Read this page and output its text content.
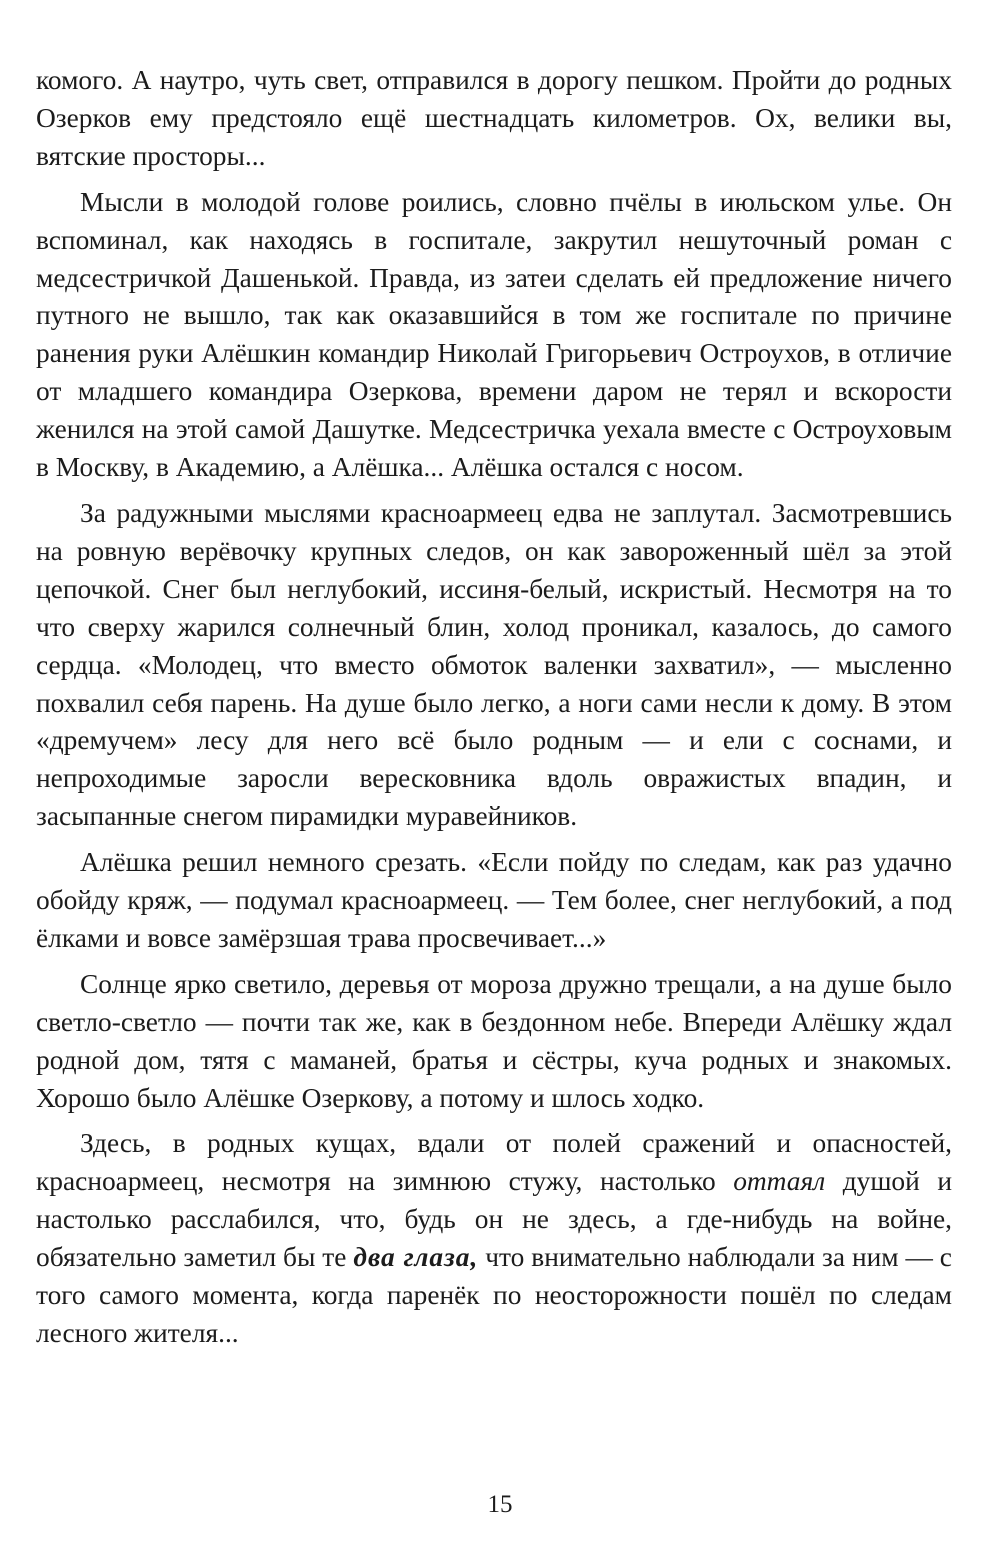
комого. А наутро, чуть свет, отправился в дорогу пешком. Пройти до родных Озерков ему предстояло ещё шестнадцать километров. Ох, велики вы, вятские просторы...

Мысли в молодой голове роились, словно пчёлы в июльском улье. Он вспоминал, как находясь в госпитале, закрутил нешуточный роман с медсестричкой Дашенькой. Правда, из затеи сделать ей предложение ничего путного не вышло, так как оказавшийся в том же госпитале по причине ранения руки Алёшкин командир Николай Григорьевич Остроухов, в отличие от младшего командира Озеркова, времени даром не терял и вскорости женился на этой самой Дашутке. Медсестричка уехала вместе с Остроуховым в Москву, в Академию, а Алёшка... Алёшка остался с носом.

За радужными мыслями красноармеец едва не заплутал. Засмотревшись на ровную верёвочку крупных следов, он как завороженный шёл за этой цепочкой. Снег был неглубокий, иссиня-белый, искристый. Несмотря на то что сверху жарился солнечный блин, холод проникал, казалось, до самого сердца. «Молодец, что вместо обмоток валенки захватил», — мысленно похвалил себя парень. На душе было легко, а ноги сами несли к дому. В этом «дремучем» лесу для него всё было родным — и ели с соснами, и непроходимые заросли вересковника вдоль овражистых впадин, и засыпанные снегом пирамидки муравейников.

Алёшка решил немного срезать. «Если пойду по следам, как раз удачно обойду кряж, — подумал красноармеец. — Тем более, снег неглубокий, а под ёлками и вовсе замёрзшая трава просвечивает...»

Солнце ярко светило, деревья от мороза дружно трещали, а на душе было светло-светло — почти так же, как в бездонном небе. Впереди Алёшку ждал родной дом, тятя с маманей, братья и сёстры, куча родных и знакомых. Хорошо было Алёшке Озеркову, а потому и шлось ходко.

Здесь, в родных кущах, вдали от полей сражений и опасностей, красноармеец, несмотря на зимнюю стужу, настолько оттаял душой и настолько расслабился, что, будь он не здесь, а где-нибудь на войне, обязательно заметил бы те два глаза, что внимательно наблюдали за ним — с того самого момента, когда паренёк по неосторожности пошёл по следам лесного жителя...

15
